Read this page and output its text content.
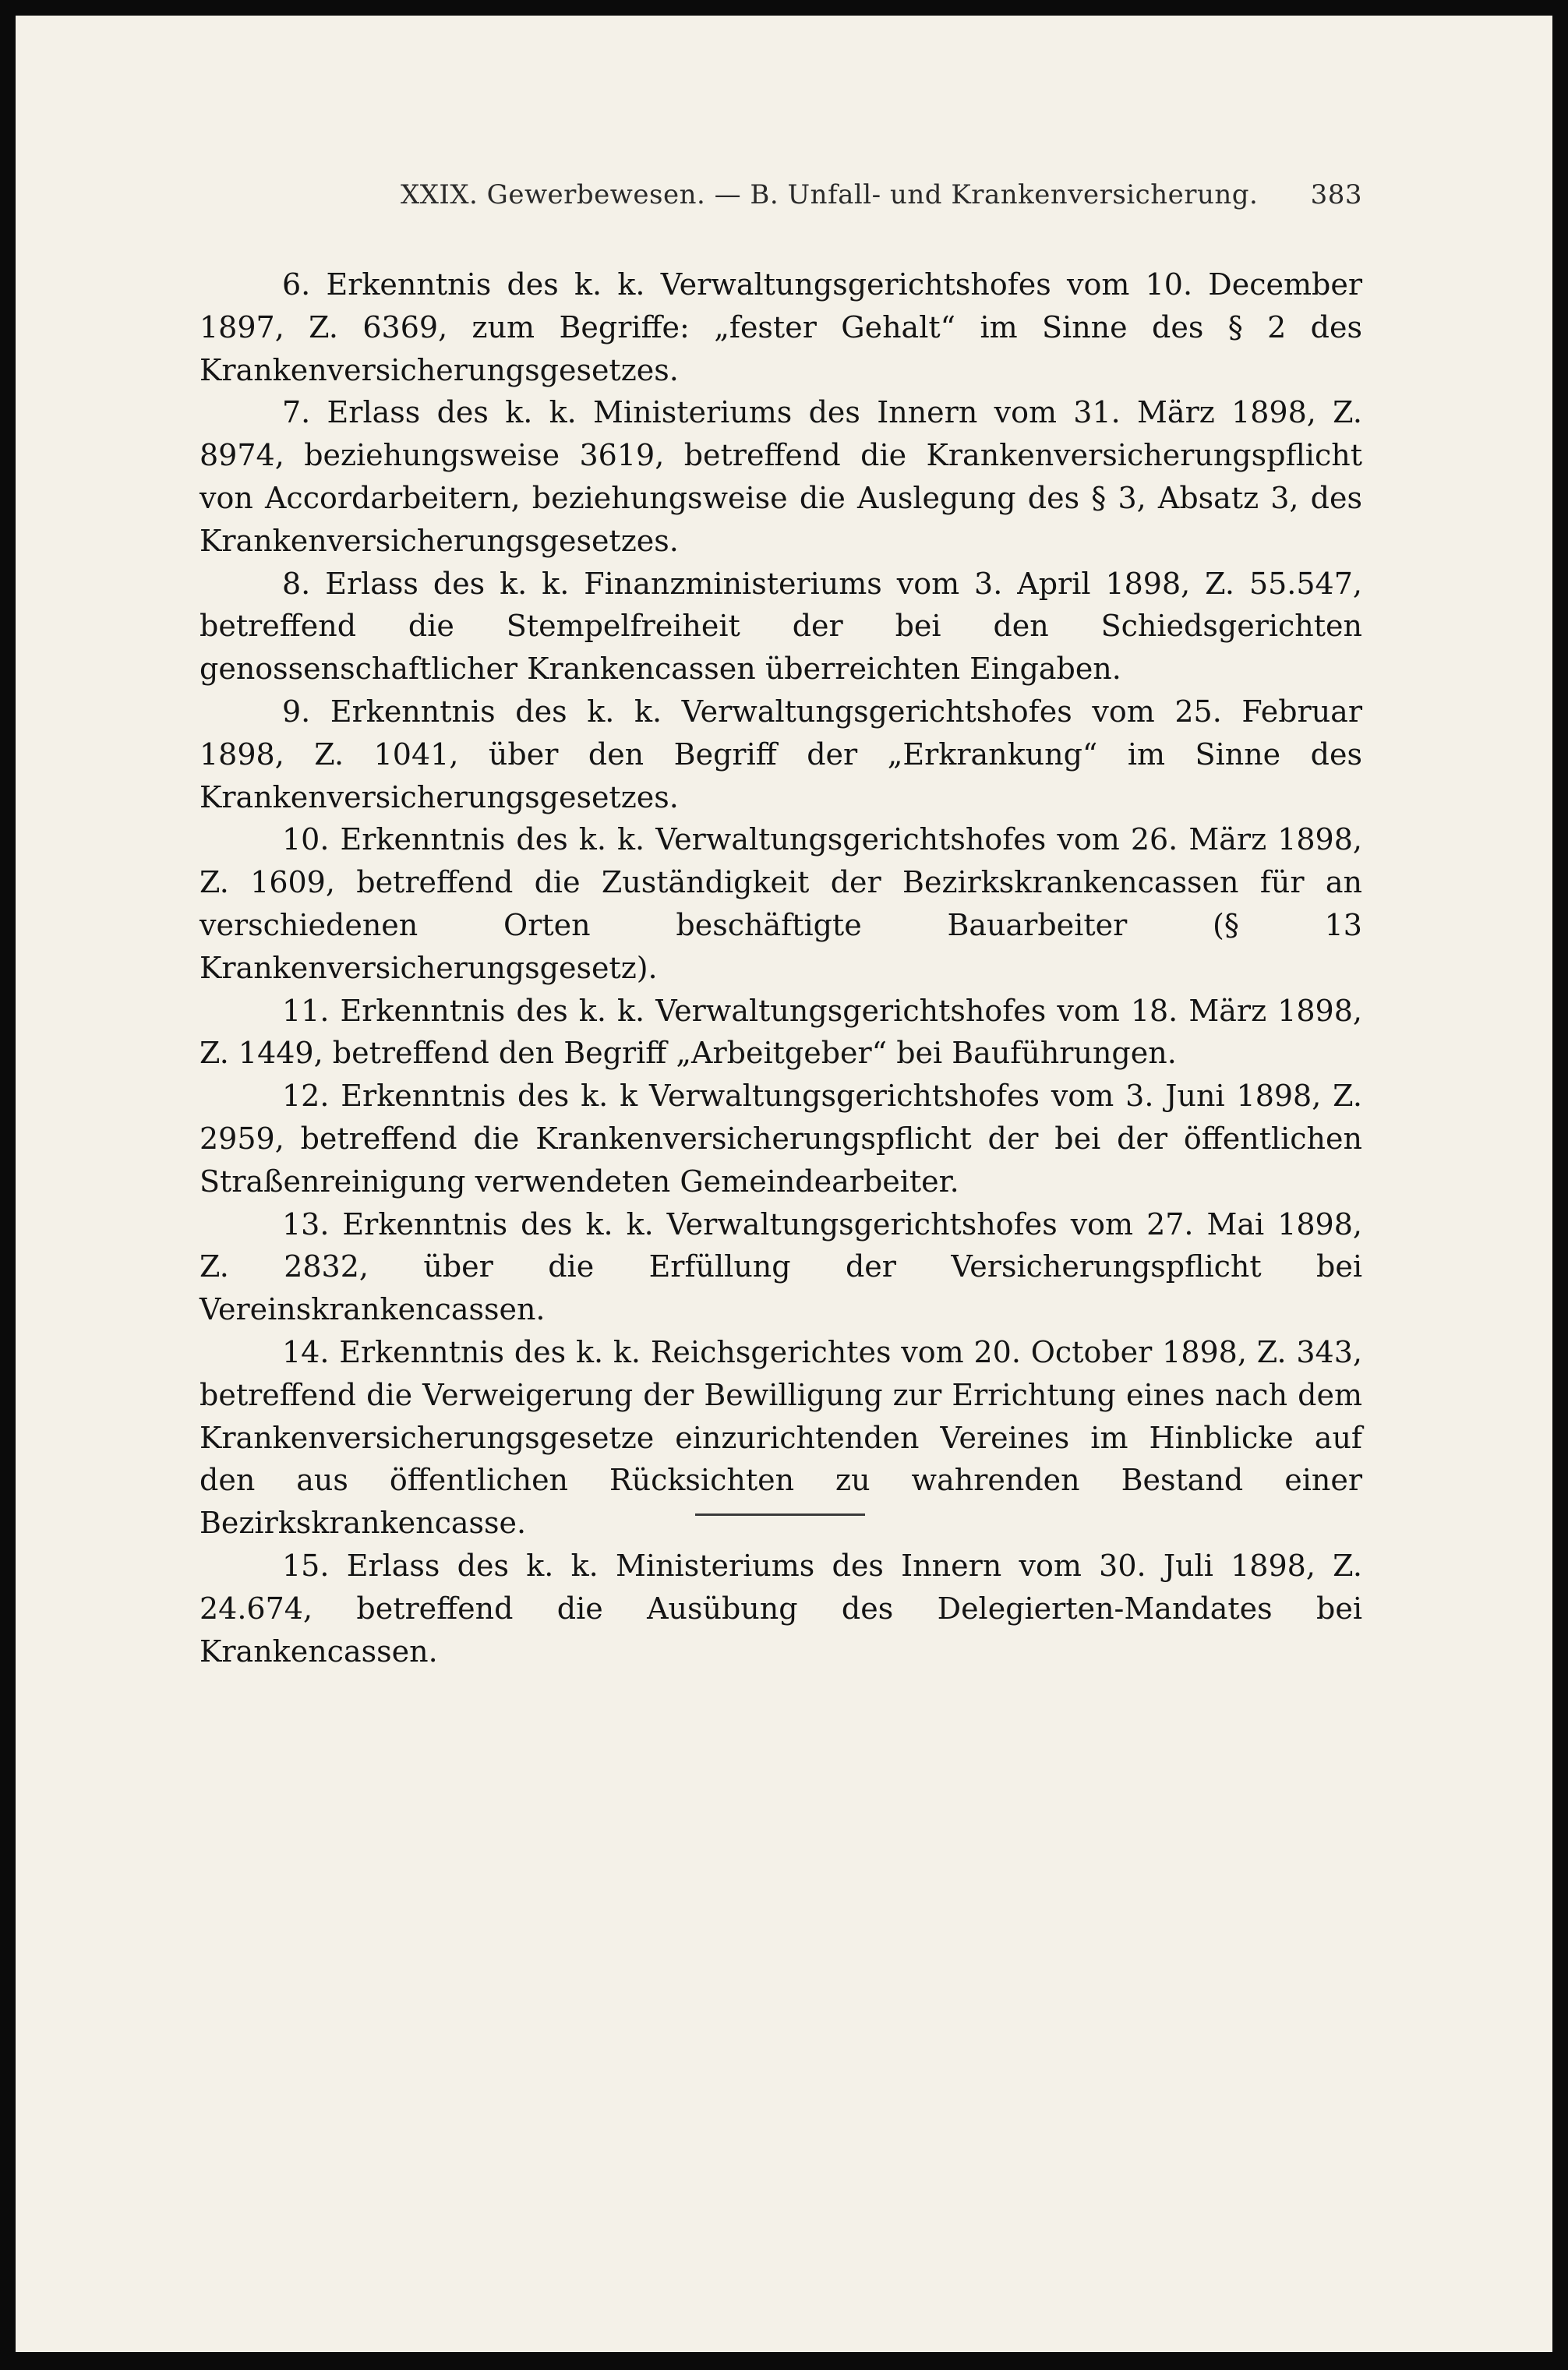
XXIX. Gewerbewesen. — B. Unfall- und Krankenversicherung. 383

6. Erkenntnis des k. k. Verwaltungsgerichtshofes vom 10. December 1897, Z. 6369, zum Begriffe: „fester Gehalt“ im Sinne des § 2 des Krankenversicherungsgesetzes.

7. Erlass des k. k. Ministeriums des Innern vom 31. März 1898, Z. 8974, beziehungsweise 3619, betreffend die Krankenversicherungspflicht von Accordarbeitern, beziehungsweise die Auslegung des § 3, Absatz 3, des Krankenversicherungsgesetzes.

8. Erlass des k. k. Finanzministeriums vom 3. April 1898, Z. 55.547, betreffend die Stempelfreiheit der bei den Schiedsgerichten genossenschaftlicher Krankencassen überreichten Eingaben.

9. Erkenntnis des k. k. Verwaltungsgerichtshofes vom 25. Februar 1898, Z. 1041, über den Begriff der „Erkrankung“ im Sinne des Krankenversicherungsgesetzes.

10. Erkenntnis des k. k. Verwaltungsgerichtshofes vom 26. März 1898, Z. 1609, betreffend die Zuständigkeit der Bezirkskrankencassen für an verschiedenen Orten beschäftigte Bauarbeiter (§ 13 Krankenversicherungsgesetz).

11. Erkenntnis des k. k. Verwaltungsgerichtshofes vom 18. März 1898, Z. 1449, betreffend den Begriff „Arbeitgeber“ bei Bauführungen.

12. Erkenntnis des k. k Verwaltungsgerichtshofes vom 3. Juni 1898, Z. 2959, betreffend die Krankenversicherungspflicht der bei der öffentlichen Straßenreinigung verwendeten Gemeindearbeiter.

13. Erkenntnis des k. k. Verwaltungsgerichtshofes vom 27. Mai 1898, Z. 2832, über die Erfüllung der Versicherungspflicht bei Vereinskrankencassen.

14. Erkenntnis des k. k. Reichsgerichtes vom 20. October 1898, Z. 343, betreffend die Verweigerung der Bewilligung zur Errichtung eines nach dem Krankenversicherungsgesetze einzurichtenden Vereines im Hinblicke auf den aus öffentlichen Rücksichten zu wahrenden Bestand einer Bezirkskrankencasse.

15. Erlass des k. k. Ministeriums des Innern vom 30. Juli 1898, Z. 24.674, betreffend die Ausübung des Delegierten-Mandates bei Krankencassen.
